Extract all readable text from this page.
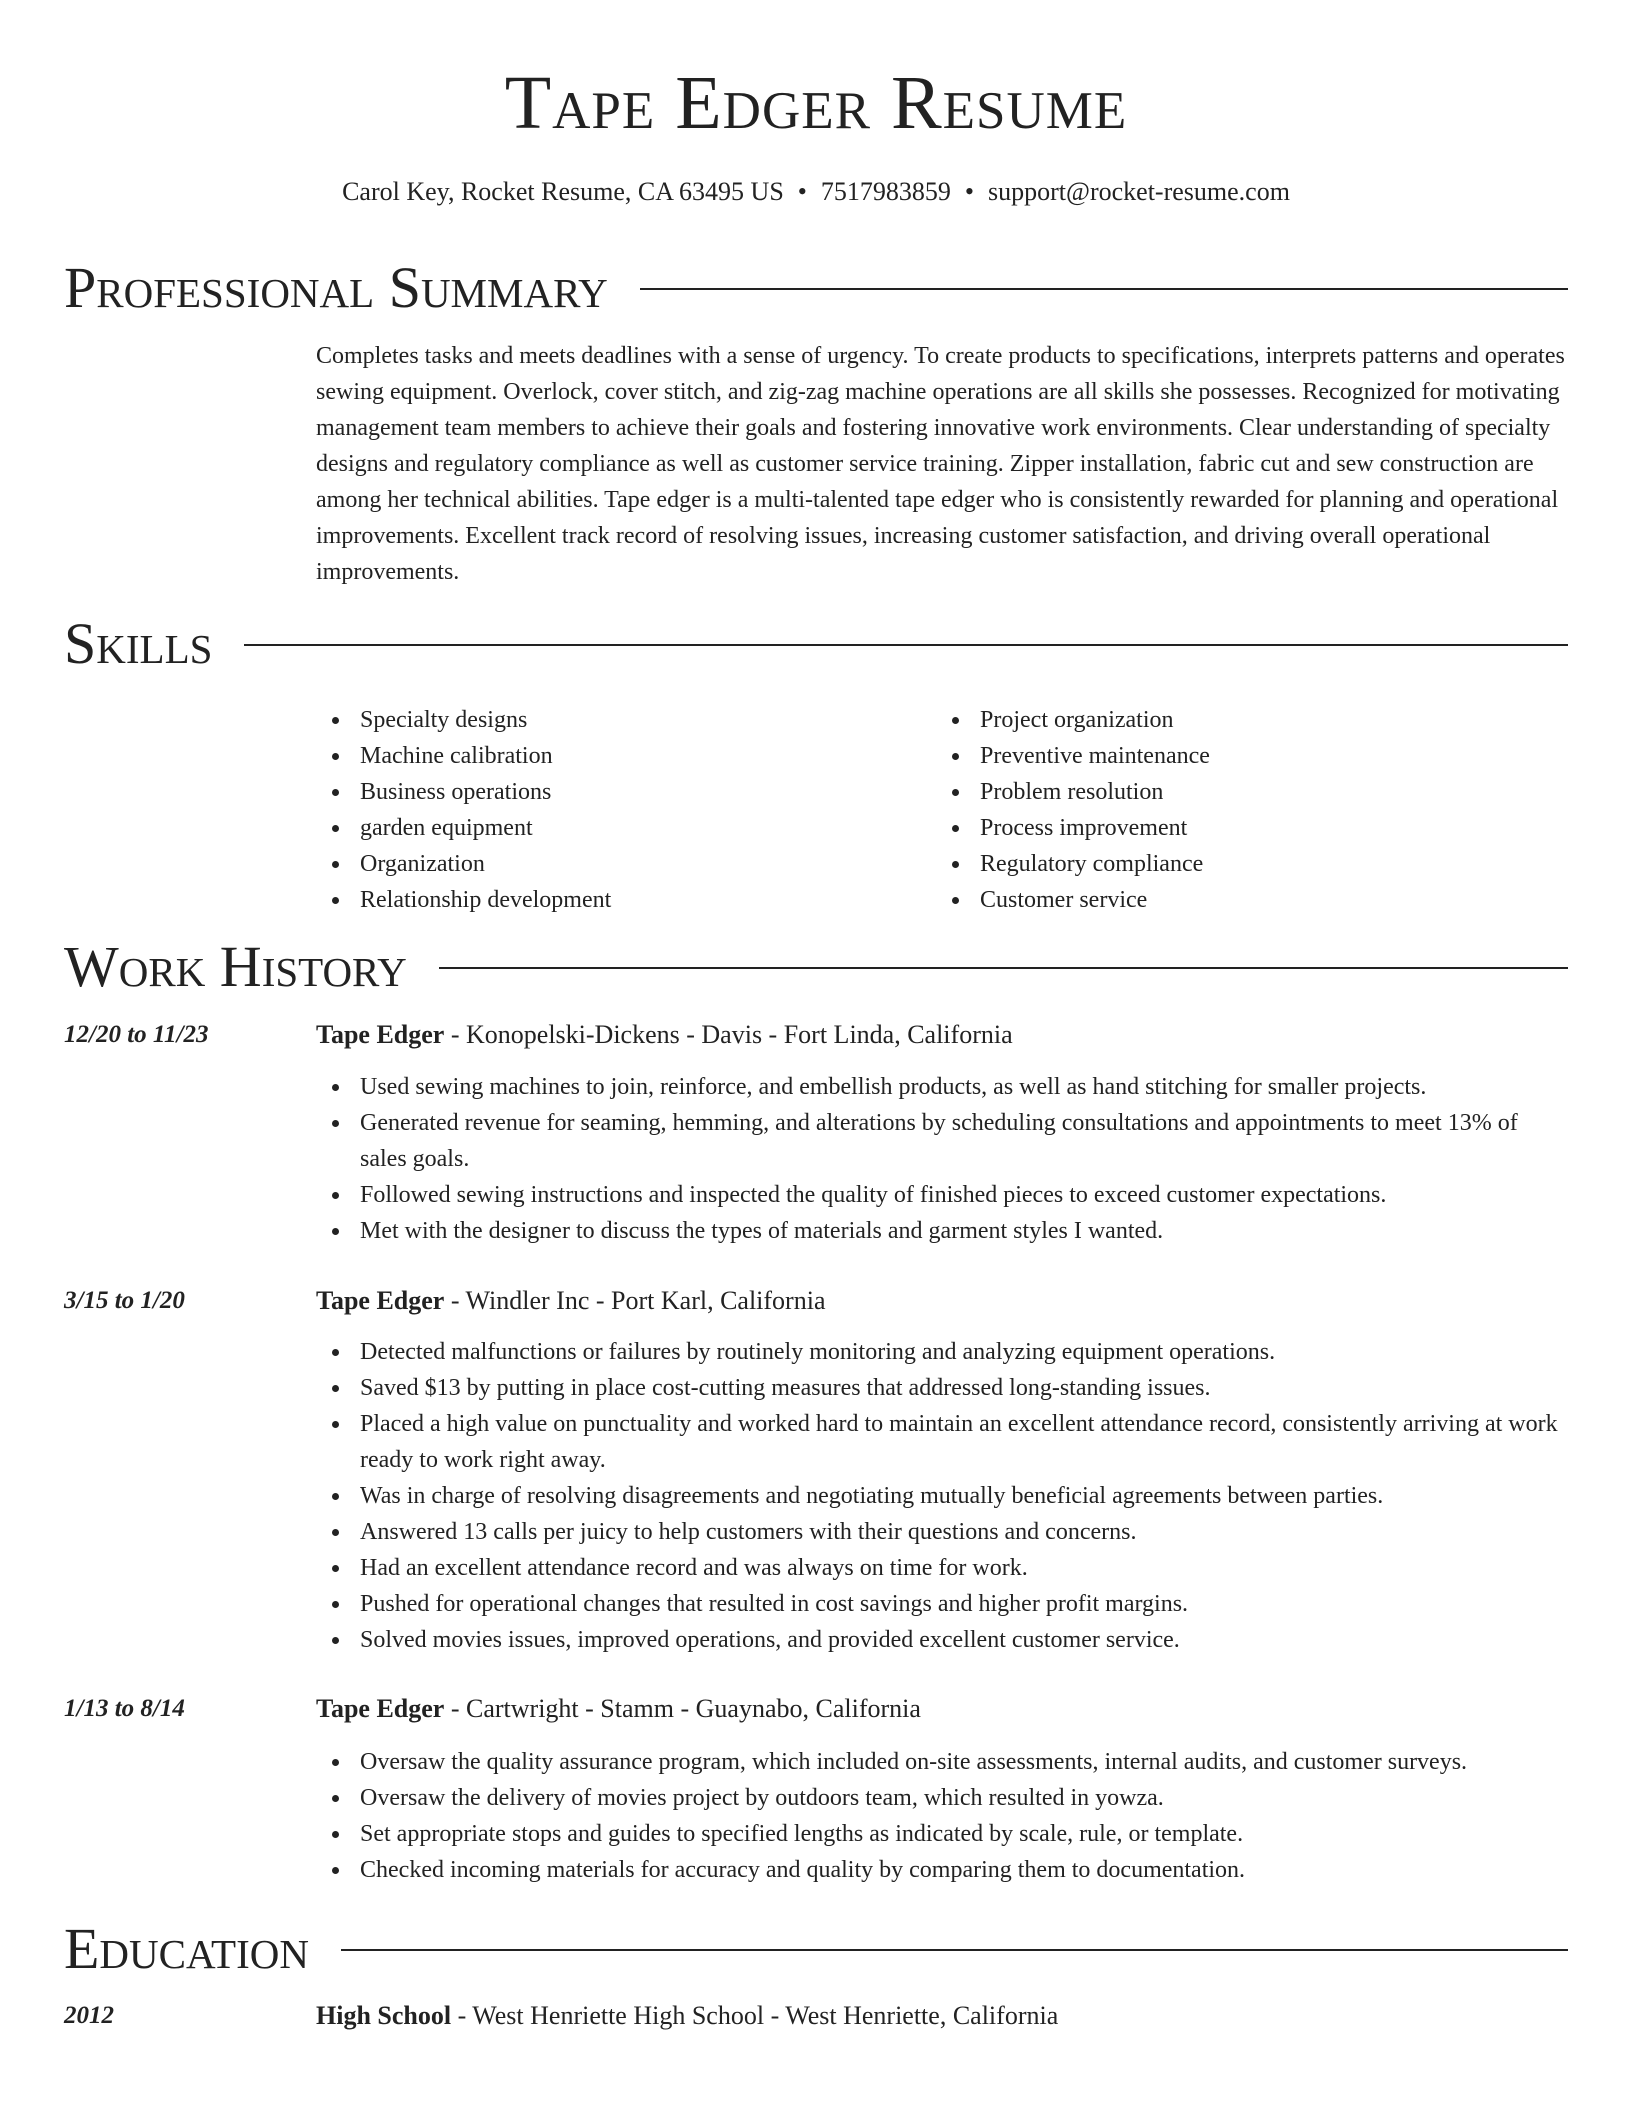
Tape Edger Resume
Carol Key, Rocket Resume, CA 63495 US • 7517983859 • support@rocket-resume.com
Professional Summary
Completes tasks and meets deadlines with a sense of urgency. To create products to specifications, interprets patterns and operates sewing equipment. Overlock, cover stitch, and zig-zag machine operations are all skills she possesses. Recognized for motivating management team members to achieve their goals and fostering innovative work environments. Clear understanding of specialty designs and regulatory compliance as well as customer service training. Zipper installation, fabric cut and sew construction are among her technical abilities. Tape edger is a multi-talented tape edger who is consistently rewarded for planning and operational improvements. Excellent track record of resolving issues, increasing customer satisfaction, and driving overall operational improvements.
Skills
Specialty designs
Machine calibration
Business operations
garden equipment
Organization
Relationship development
Project organization
Preventive maintenance
Problem resolution
Process improvement
Regulatory compliance
Customer service
Work History
12/20 to 11/23	Tape Edger - Konopelski-Dickens - Davis - Fort Linda, California
Used sewing machines to join, reinforce, and embellish products, as well as hand stitching for smaller projects.
Generated revenue for seaming, hemming, and alterations by scheduling consultations and appointments to meet 13% of sales goals.
Followed sewing instructions and inspected the quality of finished pieces to exceed customer expectations.
Met with the designer to discuss the types of materials and garment styles I wanted.
3/15 to 1/20	Tape Edger - Windler Inc - Port Karl, California
Detected malfunctions or failures by routinely monitoring and analyzing equipment operations.
Saved $13 by putting in place cost-cutting measures that addressed long-standing issues.
Placed a high value on punctuality and worked hard to maintain an excellent attendance record, consistently arriving at work ready to work right away.
Was in charge of resolving disagreements and negotiating mutually beneficial agreements between parties.
Answered 13 calls per juicy to help customers with their questions and concerns.
Had an excellent attendance record and was always on time for work.
Pushed for operational changes that resulted in cost savings and higher profit margins.
Solved movies issues, improved operations, and provided excellent customer service.
1/13 to 8/14	Tape Edger - Cartwright - Stamm - Guaynabo, California
Oversaw the quality assurance program, which included on-site assessments, internal audits, and customer surveys.
Oversaw the delivery of movies project by outdoors team, which resulted in yowza.
Set appropriate stops and guides to specified lengths as indicated by scale, rule, or template.
Checked incoming materials for accuracy and quality by comparing them to documentation.
Education
2012	High School - West Henriette High School - West Henriette, California
